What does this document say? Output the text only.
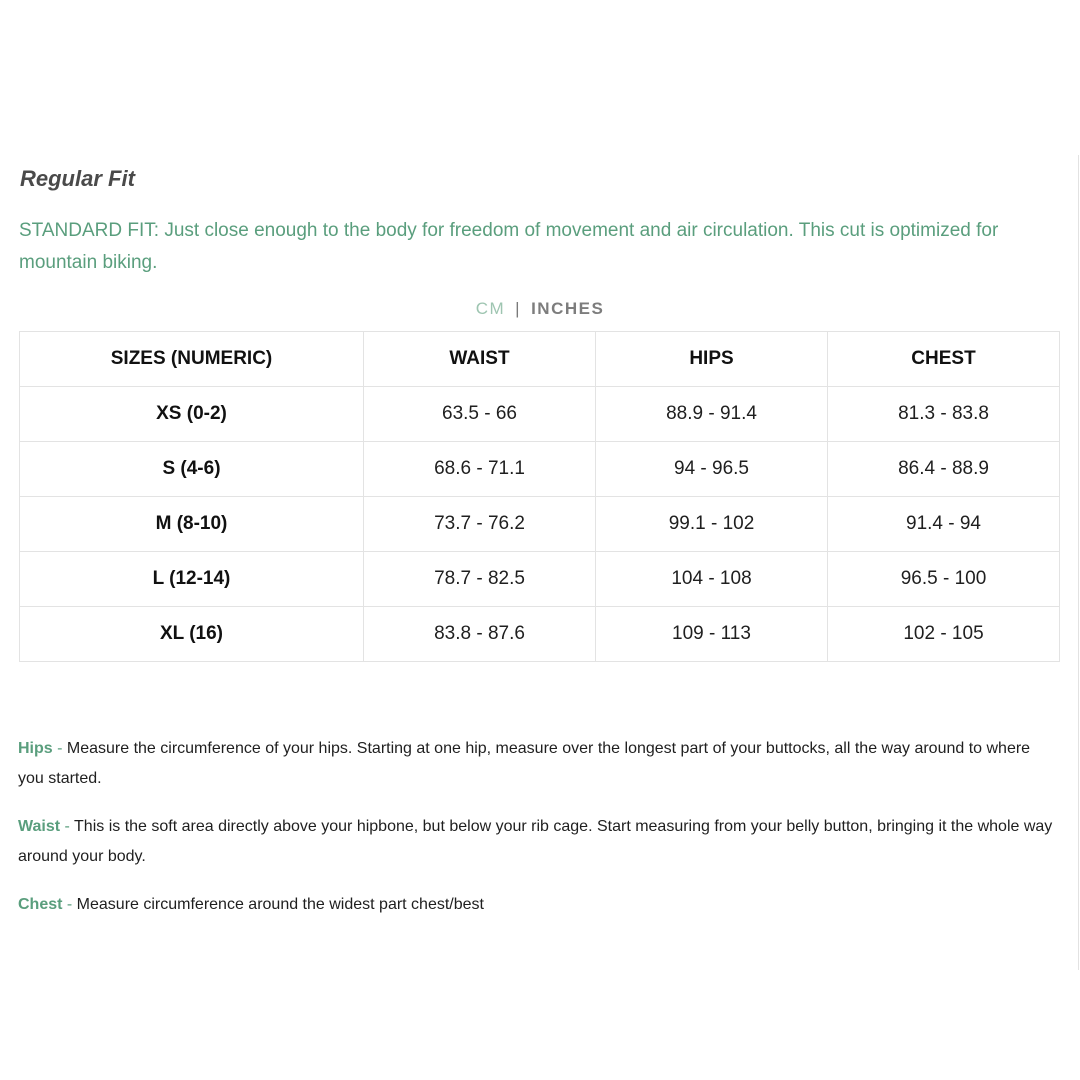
Regular Fit

STANDARD FIT: Just close enough to the body for freedom of movement and air circulation. This cut is optimized for mountain biking.

CM | INCHES
SIZES (NUMERIC)	WAIST	HIPS	CHEST
XS (0-2)	63.5 - 66	88.9 - 91.4	81.3 - 83.8
S (4-6)	68.6 - 71.1	94 - 96.5	86.4 - 88.9
M (8-10)	73.7 - 76.2	99.1 - 102	91.4 - 94
L (12-14)	78.7 - 82.5	104 - 108	96.5 - 100
XL (16)	83.8 - 87.6	109 - 113	102 - 105

Hips - Measure the circumference of your hips. Starting at one hip, measure over the longest part of your buttocks, all the way around to where you started.

Waist - This is the soft area directly above your hipbone, but below your rib cage. Start measuring from your belly button, bringing it the whole way around your body.

Chest - Measure circumference around the widest part chest/best
